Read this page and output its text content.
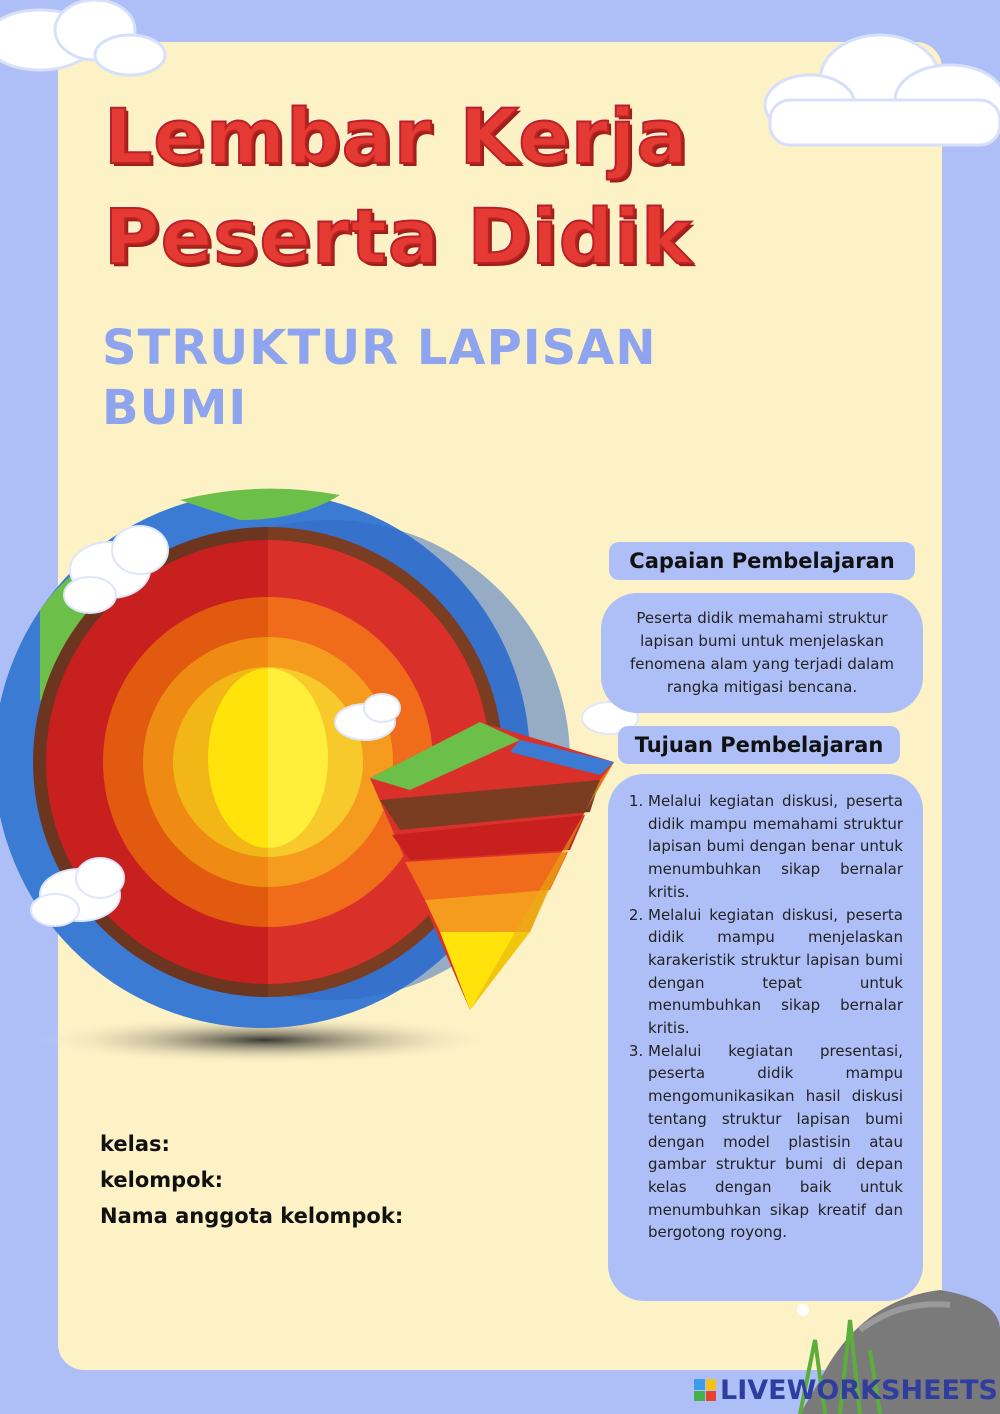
Lembar Kerja
Peserta Didik
STRUKTUR LAPISAN BUMI
Capaian Pembelajaran
Peserta didik memahami struktur lapisan bumi untuk menjelaskan fenomena alam yang terjadi dalam rangka mitigasi bencana.
Tujuan Pembelajaran
1. Melalui kegiatan diskusi, peserta didik mampu memahami struktur lapisan bumi dengan benar untuk menumbuhkan sikap bernalar kritis.
2. Melalui kegiatan diskusi, peserta didik mampu menjelaskan karakeristik struktur lapisan bumi dengan tepat untuk menumbuhkan sikap bernalar kritis.
3. Melalui kegiatan presentasi, peserta didik mampu mengomunikasikan hasil diskusi tentang struktur lapisan bumi dengan model plastisin atau gambar struktur bumi di depan kelas dengan baik untuk menumbuhkan sikap kreatif dan bergotong royong.
kelas:
kelompok:
Nama anggota kelompok:
LIVEWORKSHEETS
